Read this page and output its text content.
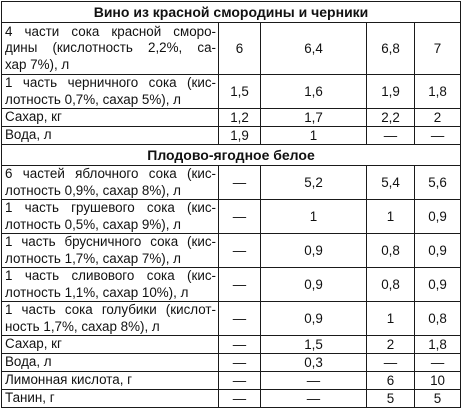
Вино из красной смородины и черники				

4 части сока красной сморо-
дины (кислотность 2,2%, са-
хар 7%), л	6	6,4	6,8	7

1 часть черничного сока (кис-
лотность 0,7%, сахар 5%), л	1,5	1,6	1,9	1,8

Сахар, кг	1,2	1,7	2,2	2

Вода, л	1,9	1	—	—
Плодово-ягодное белое				

6 частей яблочного сока (кис-
лотность 0,9%, сахар 8%), л	—	5,2	5,4	5,6

1 часть грушевого сока (кис-
лотность 0,5%, сахар 9%), л	—	1	1	0,9

1 часть брусничного сока (кис-
лотность 1,7%, сахар 7%), л	—	0,9	0,8	0,9

1 часть сливового сока (кис-
лотность 1,1%, сахар 10%), л	—	0,9	0,8	0,9

1 часть сока голубики (кислот-
ность 1,7%, сахар 8%), л	—	0,9	1	0,8

Сахар, кг	—	1,5	2	1,8

Вода, л	—	0,3	—	—

Лимонная кислота, г	—	—	6	10

Танин, г	—	—	5	5
